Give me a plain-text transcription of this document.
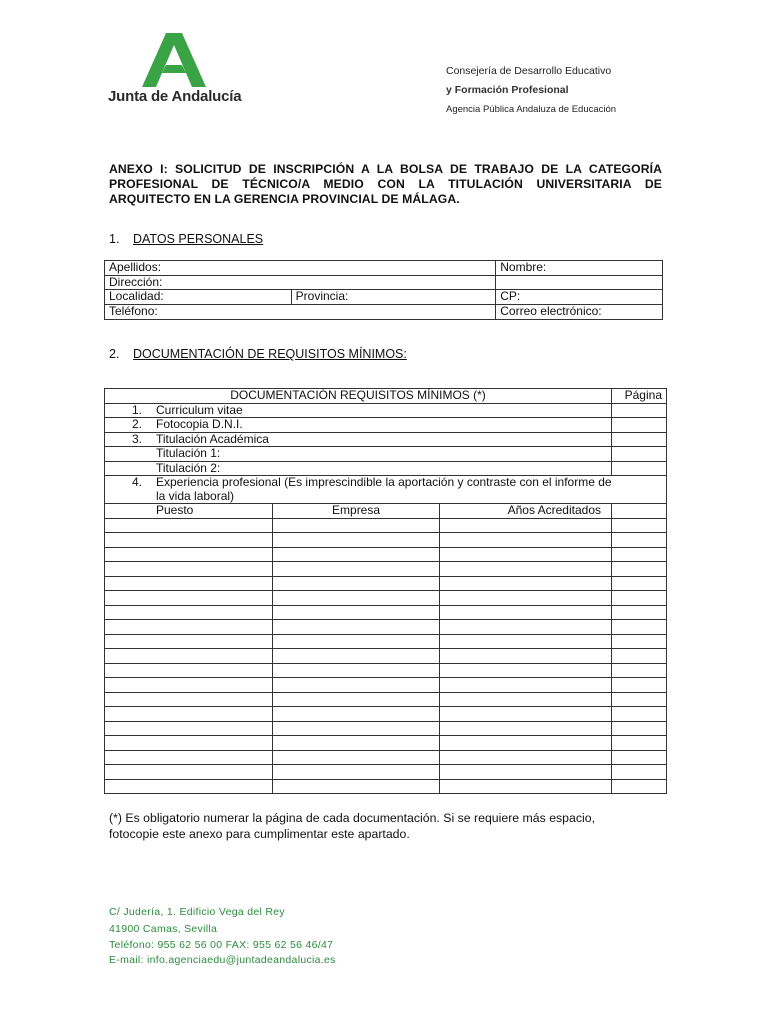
Junta de Andalucía
Consejería de Desarrollo Educativo
y Formación Profesional
Agencia Pública Andaluza de Educación
ANEXO I: SOLICITUD DE INSCRIPCIÓN A LA BOLSA DE TRABAJO DE LA CATEGORÍA PROFESIONAL DE TÉCNICO/A MEDIO CON LA TITULACIÓN UNIVERSITARIA DE ARQUITECTO EN LA GERENCIA PROVINCIAL DE MÁLAGA.
1. DATOS PERSONALES
Apellidos:		Nombre:
Dirección:		
Localidad:	Provincia:	CP:
Teléfono:		Correo electrónico:
2. DOCUMENTACIÓN DE REQUISITOS MÍNIMOS:
DOCUMENTACIÓN REQUISITOS MÍNIMOS (*)			Página
1. Curriculum vitae			
2. Fotocopia D.N.I.			
3. Titulación Académica			
Titulación 1:			
Titulación 2:			
4. Experiencia profesional (Es imprescindible la aportación y contraste con el informe de
la vida laboral)			
Puesto	Empresa	Años Acreditados	

(*) Es obligatorio numerar la página de cada documentación. Si se requiere más espacio,
fotocopie este anexo para cumplimentar este apartado.
C/ Judería, 1. Edificio Vega del Rey
41900 Camas, Sevilla
Teléfono: 955 62 56 00 FAX: 955 62 56 46/47
E-mail: info.agenciaedu@juntadeandalucia.es
